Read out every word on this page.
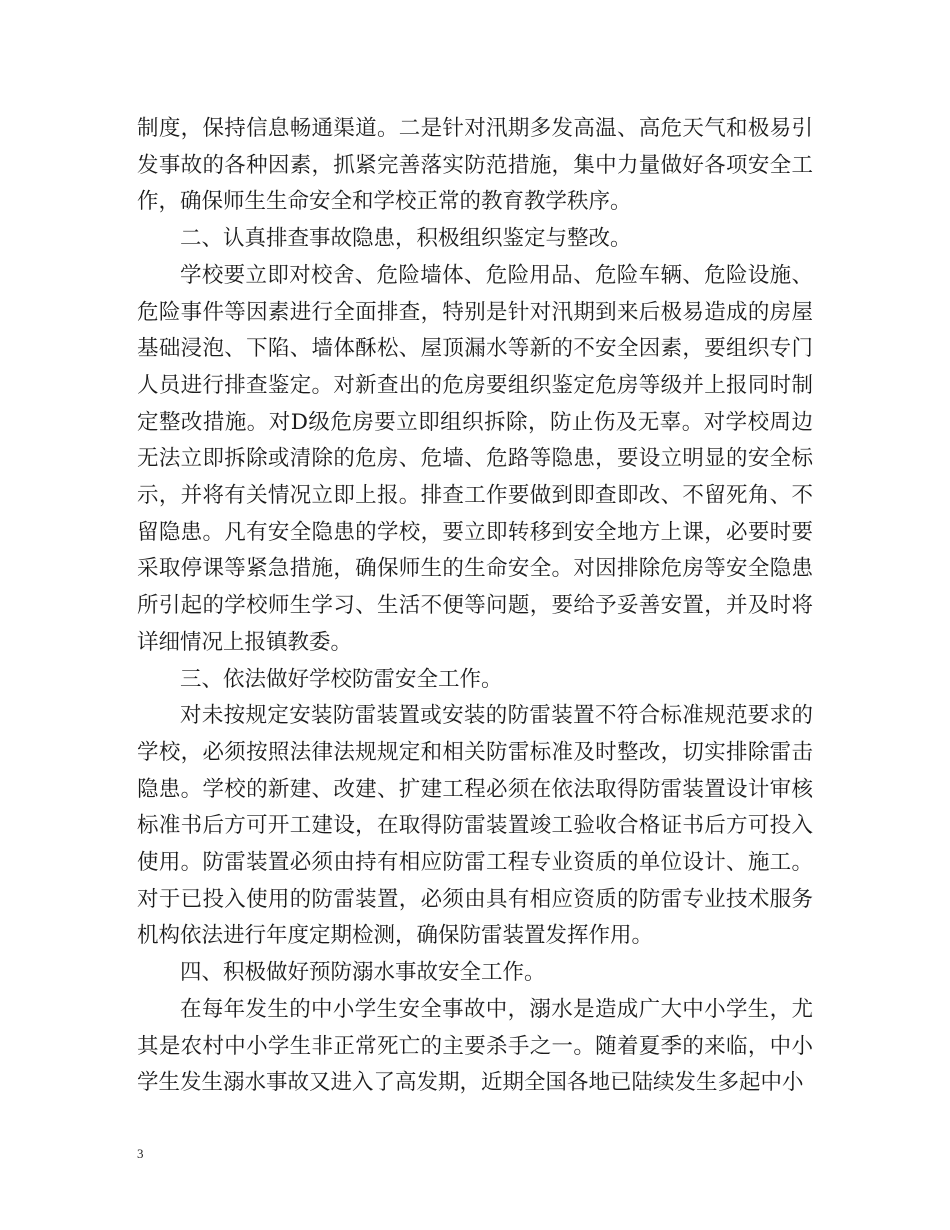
制度，保持信息畅通渠道。二是针对汛期多发高温、高危天气和极易引发事故的各种因素，抓紧完善落实防范措施，集中力量做好各项安全工作，确保师生生命安全和学校正常的教育教学秩序。

二、认真排查事故隐患，积极组织鉴定与整改。

学校要立即对校舍、危险墙体、危险用品、危险车辆、危险设施、危险事件等因素进行全面排查，特别是针对汛期到来后极易造成的房屋基础浸泡、下陷、墙体酥松、屋顶漏水等新的不安全因素，要组织专门人员进行排查鉴定。对新查出的危房要组织鉴定危房等级并上报同时制定整改措施。对D级危房要立即组织拆除，防止伤及无辜。对学校周边无法立即拆除或清除的危房、危墙、危路等隐患，要设立明显的安全标示，并将有关情况立即上报。排查工作要做到即查即改、不留死角、不留隐患。凡有安全隐患的学校，要立即转移到安全地方上课，必要时要采取停课等紧急措施，确保师生的生命安全。对因排除危房等安全隐患所引起的学校师生学习、生活不便等问题，要给予妥善安置，并及时将详细情况上报镇教委。

三、依法做好学校防雷安全工作。

对未按规定安装防雷装置或安装的防雷装置不符合标准规范要求的学校，必须按照法律法规规定和相关防雷标准及时整改，切实排除雷击隐患。学校的新建、改建、扩建工程必须在依法取得防雷装置设计审核标准书后方可开工建设，在取得防雷装置竣工验收合格证书后方可投入使用。防雷装置必须由持有相应防雷工程专业资质的单位设计、施工。对于已投入使用的防雷装置，必须由具有相应资质的防雷专业技术服务机构依法进行年度定期检测，确保防雷装置发挥作用。

四、积极做好预防溺水事故安全工作。

在每年发生的中小学生安全事故中，溺水是造成广大中小学生，尤其是农村中小学生非正常死亡的主要杀手之一。随着夏季的来临，中小学生发生溺水事故又进入了高发期，近期全国各地已陆续发生多起中小

3
